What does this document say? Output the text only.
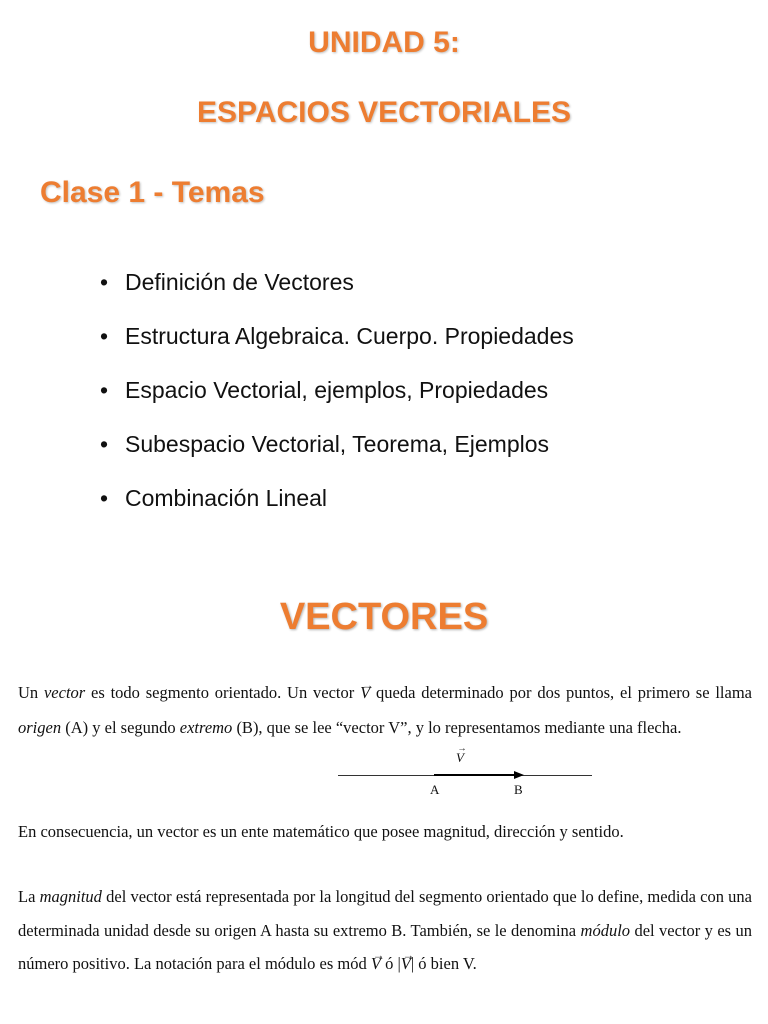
UNIDAD 5:
ESPACIOS VECTORIALES
Clase 1 - Temas
• Definición de Vectores
• Estructura Algebraica. Cuerpo. Propiedades
• Espacio Vectorial, ejemplos, Propiedades
• Subespacio Vectorial, Teorema, Ejemplos
• Combinación Lineal
VECTORES

Un vector es todo segmento orientado. Un vector → V queda determinado por dos puntos, el primero se llama origen (A) y el segundo extremo (B), que se lee “vector V”, y lo representamos mediante una flecha.

→ V
A	B

En consecuencia, un vector es un ente matemático que posee magnitud, dirección y sentido.

La magnitud del vector está representada por la longitud del segmento orientado que lo define, medida con una determinada unidad desde su origen A hasta su extremo B. También, se le denomina módulo del vector y es un número positivo. La notación para el módulo es mód → V ó |→ V| ó bien V.
